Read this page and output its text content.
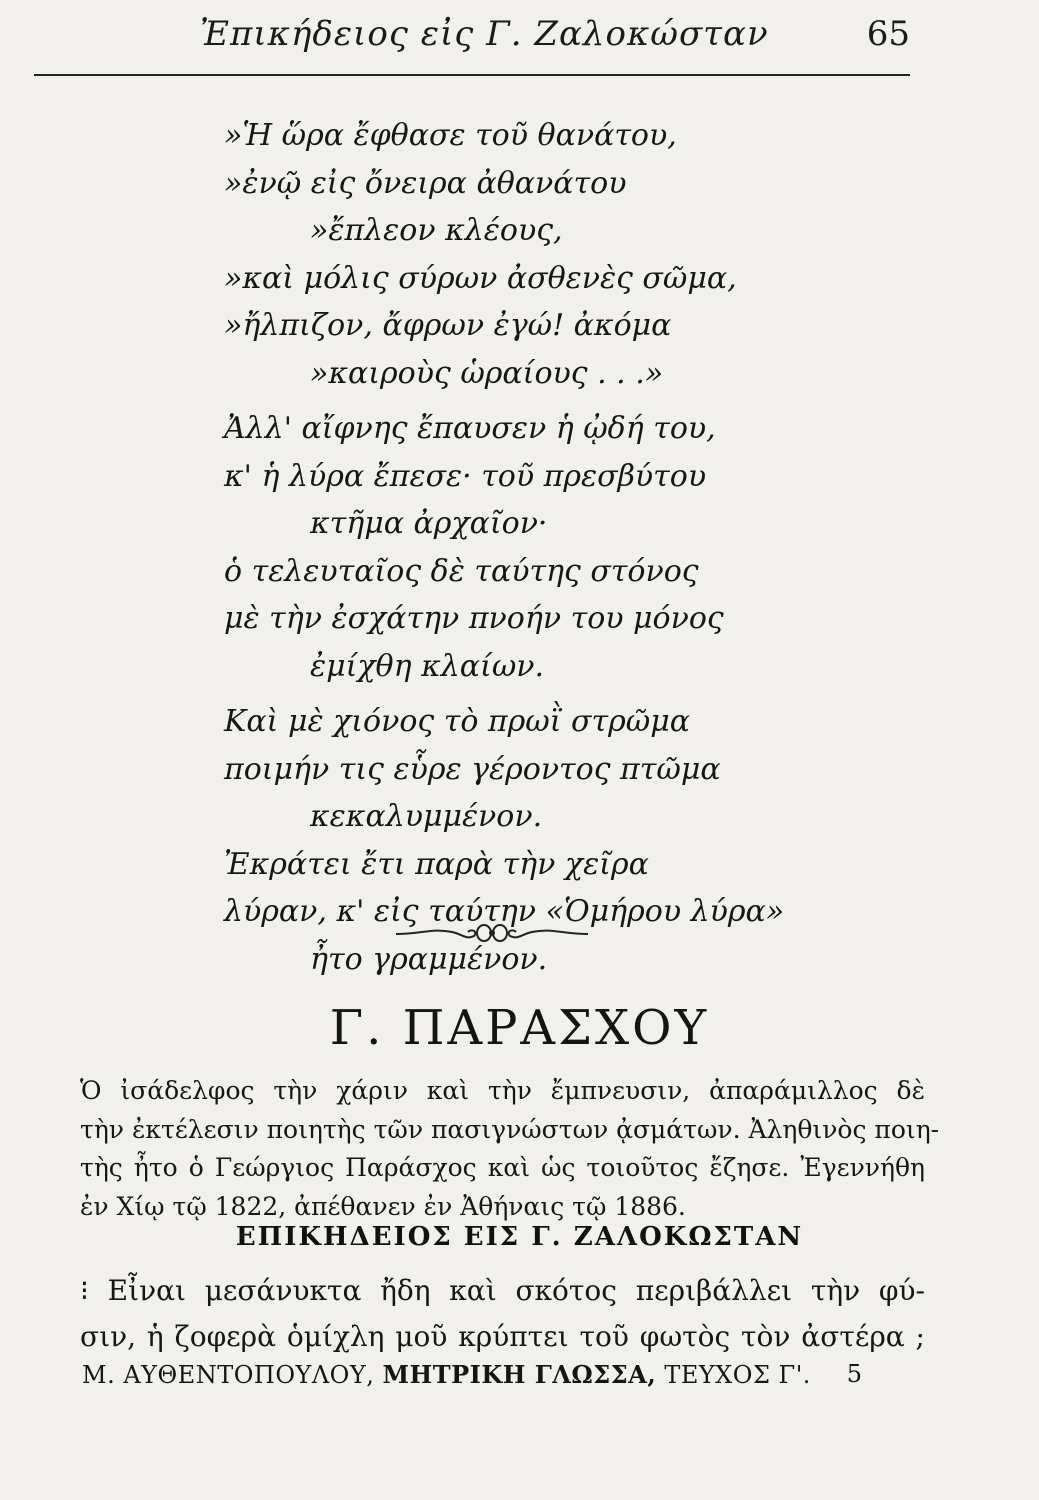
Ἐπικήδειος εἰς Γ. Ζαλοκώσταν	65
»Ἡ ὥρα ἔφθασε τοῦ θανάτου,
»ἐνῷ εἰς ὄνειρα ἀθανάτου
»ἔπλεον κλέους,
»καὶ μόλις σύρων ἀσθενὲς σῶμα,
»ἤλπιζον, ἄφρων ἐγώ! ἀκόμα
»καιροὺς ὡραίους . . .»
Ἀλλ' αἴφνης ἔπαυσεν ἡ ᾠδή του,
κ' ἡ λύρα ἔπεσε· τοῦ πρεσβύτου
κτῆμα ἀρχαῖον·
ὁ τελευταῖος δὲ ταύτης στόνος
μὲ τὴν ἐσχάτην πνοήν του μόνος
ἐμίχθη κλαίων.
Καὶ μὲ χιόνος τὸ πρωῒ στρῶμα
ποιμήν τις εὗρε γέροντος πτῶμα
κεκαλυμμένον.
Ἐκράτει ἔτι παρὰ τὴν χεῖρα
λύραν, κ' εἰς ταύτην «Ὁμήρου λύρα»
ἦτο γραμμένον.
Γ. ΠΑΡΑΣΧΟΥ
Ὁ ἰσάδελφος τὴν χάριν καὶ τὴν ἔμπνευσιν, ἀπαράμιλλος δὲ
τὴν ἐκτέλεσιν ποιητὴς τῶν πασιγνώστων ᾀσμάτων. Ἀληθινὸς ποιη-
τὴς ἦτο ὁ Γεώργιος Παράσχος καὶ ὡς τοιοῦτος ἔζησε. Ἐγεννήθη
ἐν Χίῳ τῷ 1822, ἀπέθανεν ἐν Ἀθήναις τῷ 1886.
ΕΠΙΚΗΔΕΙΟΣ ΕΙΣ Γ. ΖΑΛΟΚΩΣΤΑΝ
⁝ Εἶναι μεσάνυκτα ἤδη καὶ σκότος περιβάλλει τὴν φύ-
σιν, ἡ ζοφερὰ ὁμίχλη μοῦ κρύπτει τοῦ φωτὸς τὸν ἀστέρα ;
Μ. ΑΥΘΕΝΤΟΠΟΥΛΟΥ, ΜΗΤΡΙΚΗ ΓΛΩΣΣΑ, ΤΕΥΧΟΣ Γ'. 5
